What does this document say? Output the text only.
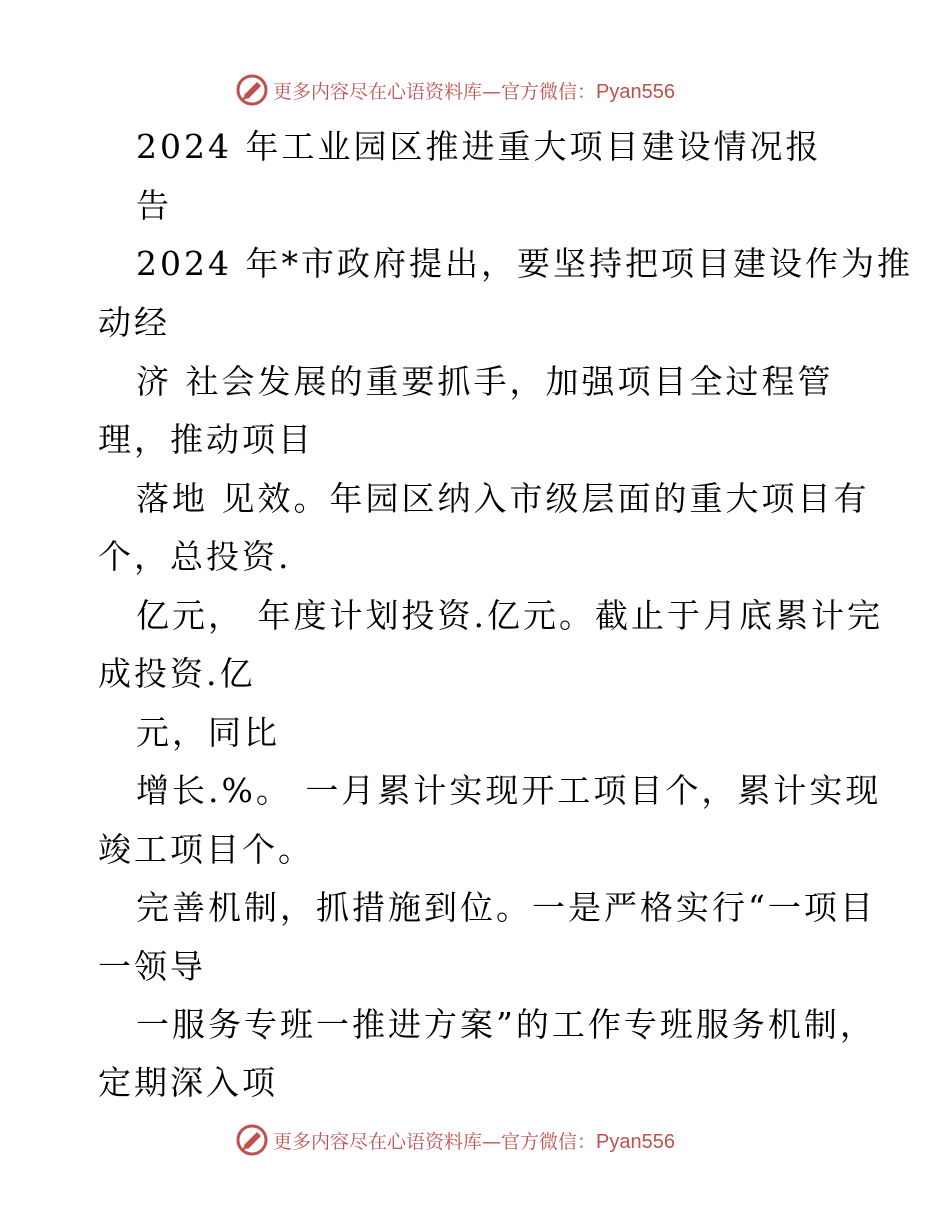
更多内容尽在心语资料库—官方微信：Pyan556
2024 年工业园区推进重大项目建设情况报
告
2024 年*市政府提出，要坚持把项目建设作为推
动经
济 社会发展的重要抓手，加强项目全过程管
理，推动项目
落地 见效。年园区纳入市级层面的重大项目有
个，总投资.
亿元， 年度计划投资.亿元。截止于月底累计完
成投资.亿
元，同比
增长.%。 一月累计实现开工项目个，累计实现
竣工项目个。
完善机制，抓措施到位。一是严格实行“一项目
一领导
一服务专班一推进方案”的工作专班服务机制，
定期深入项
更多内容尽在心语资料库—官方微信：Pyan556
